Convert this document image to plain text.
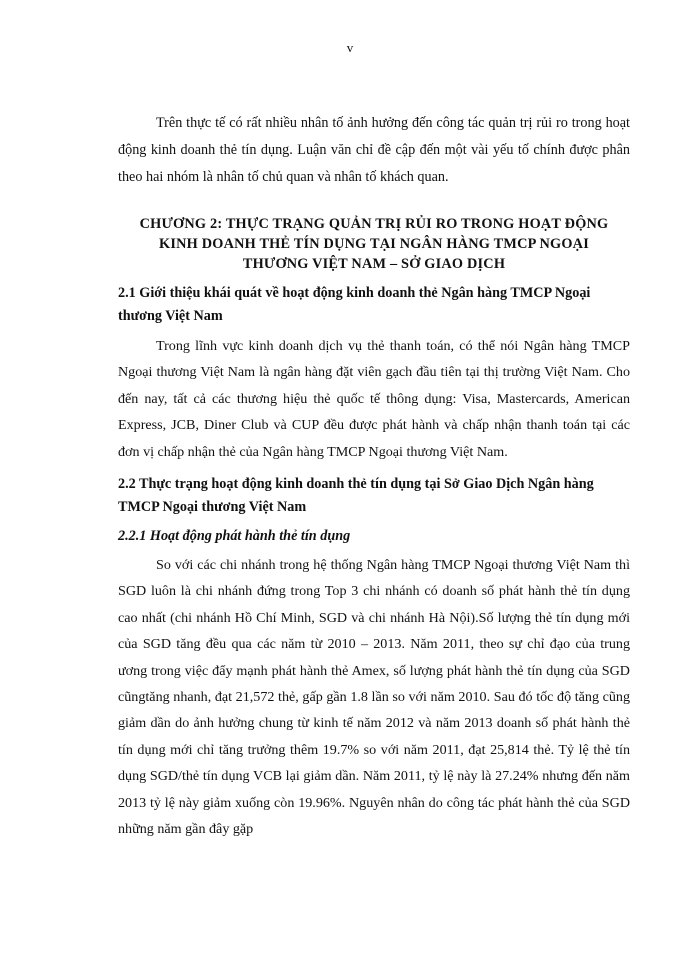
v

Trên thực tế có rất nhiều nhân tố ảnh hưởng đến công tác quản trị rủi ro trong hoạt động kinh doanh thẻ tín dụng. Luận văn chỉ đề cập đến một vài yếu tố chính được phân theo hai nhóm là nhân tố chủ quan và nhân tố khách quan.

CHƯƠNG 2: THỰC TRẠNG QUẢN TRỊ RỦI RO TRONG HOẠT ĐỘNG
KINH DOANH THẺ TÍN DỤNG TẠI NGÂN HÀNG TMCP NGOẠI
THƯƠNG VIỆT NAM – SỞ GIAO DỊCH

2.1 Giới thiệu khái quát về hoạt động kinh doanh thẻ Ngân hàng TMCP Ngoại thương Việt Nam

Trong lĩnh vực kinh doanh dịch vụ thẻ thanh toán, có thể nói Ngân hàng TMCP Ngoại thương Việt Nam là ngân hàng đặt viên gạch đầu tiên tại thị trường Việt Nam. Cho đến nay, tất cả các thương hiệu thẻ quốc tế thông dụng: Visa, Mastercards, American Express, JCB, Diner Club và CUP đều được phát hành và chấp nhận thanh toán tại các đơn vị chấp nhận thẻ của Ngân hàng TMCP Ngoại thương Việt Nam.

2.2 Thực trạng hoạt động kinh doanh thẻ tín dụng tại Sở Giao Dịch Ngân hàng TMCP Ngoại thương Việt Nam

2.2.1 Hoạt động phát hành thẻ tín dụng

So với các chi nhánh trong hệ thống Ngân hàng TMCP Ngoại thương Việt Nam thì SGD luôn là chi nhánh đứng trong Top 3 chi nhánh có doanh số phát hành thẻ tín dụng cao nhất (chi nhánh Hồ Chí Minh, SGD và chi nhánh Hà Nội).Số lượng thẻ tín dụng mới của SGD tăng đều qua các năm từ 2010 – 2013. Năm 2011, theo sự chỉ đạo của trung ương trong việc đẩy mạnh phát hành thẻ Amex, số lượng phát hành thẻ tín dụng của SGD cũngtăng nhanh, đạt 21,572 thẻ, gấp gần 1.8 lần so với năm 2010. Sau đó tốc độ tăng cũng giảm dần do ảnh hưởng chung từ kinh tế năm 2012 và năm 2013 doanh số phát hành thẻ tín dụng mới chỉ tăng trưởng thêm 19.7% so với năm 2011, đạt 25,814 thẻ. Tỷ lệ thẻ tín dụng SGD/thẻ tín dụng VCB lại giảm dần. Năm 2011, tỷ lệ này là 27.24% nhưng đến năm 2013 tỷ lệ này giảm xuống còn 19.96%. Nguyên nhân do công tác phát hành thẻ của SGD những năm gần đây gặp
